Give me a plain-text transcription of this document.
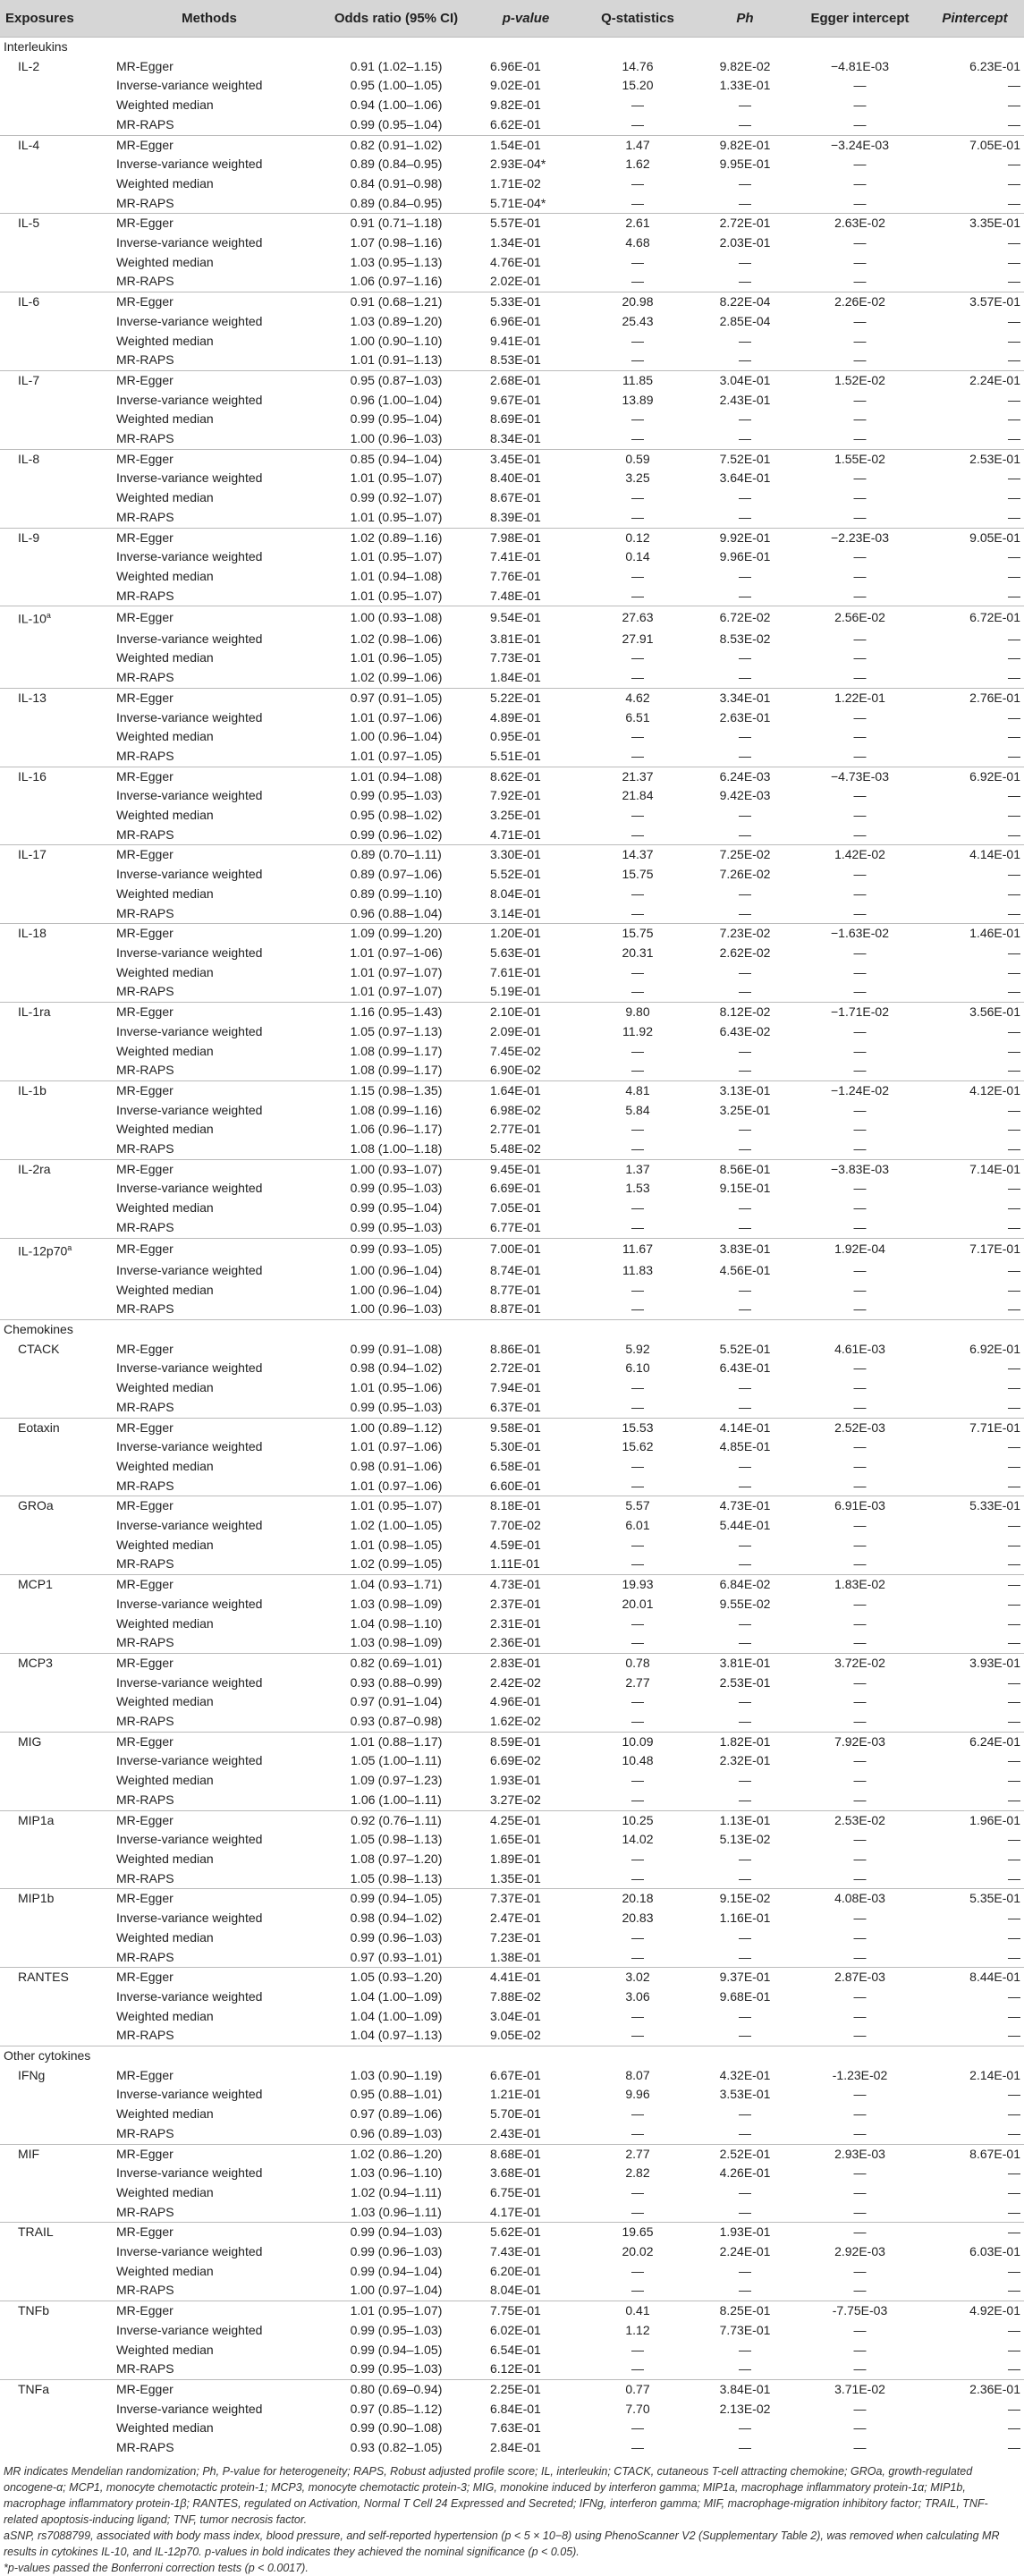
Exposures	Methods	Odds ratio (95% CI)	p-value	Q-statistics	Ph	Egger intercept	Pintercept
Interleukins							
IL-2	MR-Egger	0.91 (1.02–1.15)	6.96E-01	14.76	9.82E-02	−4.81E-03	6.23E-01
	Inverse-variance weighted	0.95 (1.00–1.05)	9.02E-01	15.20	1.33E-01	—	—
	Weighted median	0.94 (1.00–1.06)	9.82E-01	—	—	—	—
	MR-RAPS	0.99 (0.95–1.04)	6.62E-01	—	—	—	—
IL-4	MR-Egger	0.82 (0.91–1.02)	1.54E-01	1.47	9.82E-01	−3.24E-03	7.05E-01
	Inverse-variance weighted	0.89 (0.84–0.95)	2.93E-04*	1.62	9.95E-01	—	—
	Weighted median	0.84 (0.91–0.98)	1.71E-02	—	—	—	—
	MR-RAPS	0.89 (0.84–0.95)	5.71E-04*	—	—	—	—
IL-5	MR-Egger	0.91 (0.71–1.18)	5.57E-01	2.61	2.72E-01	2.63E-02	3.35E-01
	Inverse-variance weighted	1.07 (0.98–1.16)	1.34E-01	4.68	2.03E-01	—	—
	Weighted median	1.03 (0.95–1.13)	4.76E-01	—	—	—	—
	MR-RAPS	1.06 (0.97–1.16)	2.02E-01	—	—	—	—
IL-6	MR-Egger	0.91 (0.68–1.21)	5.33E-01	20.98	8.22E-04	2.26E-02	3.57E-01
	Inverse-variance weighted	1.03 (0.89–1.20)	6.96E-01	25.43	2.85E-04	—	—
	Weighted median	1.00 (0.90–1.10)	9.41E-01	—	—	—	—
	MR-RAPS	1.01 (0.91–1.13)	8.53E-01	—	—	—	—
IL-7	MR-Egger	0.95 (0.87–1.03)	2.68E-01	11.85	3.04E-01	1.52E-02	2.24E-01
	Inverse-variance weighted	0.96 (1.00–1.04)	9.67E-01	13.89	2.43E-01	—	—
	Weighted median	0.99 (0.95–1.04)	8.69E-01	—	—	—	—
	MR-RAPS	1.00 (0.96–1.03)	8.34E-01	—	—	—	—
IL-8	MR-Egger	0.85 (0.94–1.04)	3.45E-01	0.59	7.52E-01	1.55E-02	2.53E-01
	Inverse-variance weighted	1.01 (0.95–1.07)	8.40E-01	3.25	3.64E-01	—	—
	Weighted median	0.99 (0.92–1.07)	8.67E-01	—	—	—	—
	MR-RAPS	1.01 (0.95–1.07)	8.39E-01	—	—	—	—
IL-9	MR-Egger	1.02 (0.89–1.16)	7.98E-01	0.12	9.92E-01	−2.23E-03	9.05E-01
	Inverse-variance weighted	1.01 (0.95–1.07)	7.41E-01	0.14	9.96E-01	—	—
	Weighted median	1.01 (0.94–1.08)	7.76E-01	—	—	—	—
	MR-RAPS	1.01 (0.95–1.07)	7.48E-01	—	—	—	—
IL-10$^a$	MR-Egger	1.00 (0.93–1.08)	9.54E-01	27.63	6.72E-02	2.56E-02	6.72E-01
	Inverse-variance weighted	1.02 (0.98–1.06)	3.81E-01	27.91	8.53E-02	—	—
	Weighted median	1.01 (0.96–1.05)	7.73E-01	—	—	—	—
	MR-RAPS	1.02 (0.99–1.06)	1.84E-01	—	—	—	—
IL-13	MR-Egger	0.97 (0.91–1.05)	5.22E-01	4.62	3.34E-01	1.22E-01	2.76E-01
	Inverse-variance weighted	1.01 (0.97–1.06)	4.89E-01	6.51	2.63E-01	—	—
	Weighted median	1.00 (0.96–1.04)	0.95E-01	—	—	—	—
	MR-RAPS	1.01 (0.97–1.05)	5.51E-01	—	—	—	—
IL-16	MR-Egger	1.01 (0.94–1.08)	8.62E-01	21.37	6.24E-03	−4.73E-03	6.92E-01
	Inverse-variance weighted	0.99 (0.95–1.03)	7.92E-01	21.84	9.42E-03	—	—
	Weighted median	0.95 (0.98–1.02)	3.25E-01	—	—	—	—
	MR-RAPS	0.99 (0.96–1.02)	4.71E-01	—	—	—	—
IL-17	MR-Egger	0.89 (0.70–1.11)	3.30E-01	14.37	7.25E-02	1.42E-02	4.14E-01
	Inverse-variance weighted	0.89 (0.97–1.06)	5.52E-01	15.75	7.26E-02	—	—
	Weighted median	0.89 (0.99–1.10)	8.04E-01	—	—	—	—
	MR-RAPS	0.96 (0.88–1.04)	3.14E-01	—	—	—	—
IL-18	MR-Egger	1.09 (0.99–1.20)	1.20E-01	15.75	7.23E-02	−1.63E-02	1.46E-01
	Inverse-variance weighted	1.01 (0.97–1-06)	5.63E-01	20.31	2.62E-02	—	—
	Weighted median	1.01 (0.97–1.07)	7.61E-01	—	—	—	—
	MR-RAPS	1.01 (0.97–1.07)	5.19E-01	—	—	—	—
IL-1ra	MR-Egger	1.16 (0.95–1.43)	2.10E-01	9.80	8.12E-02	−1.71E-02	3.56E-01
	Inverse-variance weighted	1.05 (0.97–1.13)	2.09E-01	11.92	6.43E-02	—	—
	Weighted median	1.08 (0.99–1.17)	7.45E-02	—	—	—	—
	MR-RAPS	1.08 (0.99–1.17)	6.90E-02	—	—	—	—
IL-1b	MR-Egger	1.15 (0.98–1.35)	1.64E-01	4.81	3.13E-01	−1.24E-02	4.12E-01
	Inverse-variance weighted	1.08 (0.99–1.16)	6.98E-02	5.84	3.25E-01	—	—
	Weighted median	1.06 (0.96–1.17)	2.77E-01	—	—	—	—
	MR-RAPS	1.08 (1.00–1.18)	5.48E-02	—	—	—	—
IL-2ra	MR-Egger	1.00 (0.93–1.07)	9.45E-01	1.37	8.56E-01	−3.83E-03	7.14E-01
	Inverse-variance weighted	0.99 (0.95–1.03)	6.69E-01	1.53	9.15E-01	—	—
	Weighted median	0.99 (0.95–1.04)	7.05E-01	—	—	—	—
	MR-RAPS	0.99 (0.95–1.03)	6.77E-01	—	—	—	—
IL-12p70$^a$	MR-Egger	0.99 (0.93–1.05)	7.00E-01	11.67	3.83E-01	1.92E-04	7.17E-01
	Inverse-variance weighted	1.00 (0.96–1.04)	8.74E-01	11.83	4.56E-01	—	—
	Weighted median	1.00 (0.96–1.04)	8.77E-01	—	—	—	—
	MR-RAPS	1.00 (0.96–1.03)	8.87E-01	—	—	—	—
Chemokines							
CTACK	MR-Egger	0.99 (0.91–1.08)	8.86E-01	5.92	5.52E-01	4.61E-03	6.92E-01
	Inverse-variance weighted	0.98 (0.94–1.02)	2.72E-01	6.10	6.43E-01	—	—
	Weighted median	1.01 (0.95–1.06)	7.94E-01	—	—	—	—
	MR-RAPS	0.99 (0.95–1.03)	6.37E-01	—	—	—	—
Eotaxin	MR-Egger	1.00 (0.89–1.12)	9.58E-01	15.53	4.14E-01	2.52E-03	7.71E-01
	Inverse-variance weighted	1.01 (0.97–1.06)	5.30E-01	15.62	4.85E-01	—	—
	Weighted median	0.98 (0.91–1.06)	6.58E-01	—	—	—	—
	MR-RAPS	1.01 (0.97–1.06)	6.60E-01	—	—	—	—
GROa	MR-Egger	1.01 (0.95–1.07)	8.18E-01	5.57	4.73E-01	6.91E-03	5.33E-01
	Inverse-variance weighted	1.02 (1.00–1.05)	7.70E-02	6.01	5.44E-01	—	—
	Weighted median	1.01 (0.98–1.05)	4.59E-01	—	—	—	—
	MR-RAPS	1.02 (0.99–1.05)	1.11E-01	—	—	—	—
MCP1	MR-Egger	1.04 (0.93–1.71)	4.73E-01	19.93	6.84E-02	1.83E-02	—
	Inverse-variance weighted	1.03 (0.98–1.09)	2.37E-01	20.01	9.55E-02	—	—
	Weighted median	1.04 (0.98–1.10)	2.31E-01	—	—	—	—
	MR-RAPS	1.03 (0.98–1.09)	2.36E-01	—	—	—	—
MCP3	MR-Egger	0.82 (0.69–1.01)	2.83E-01	0.78	3.81E-01	3.72E-02	3.93E-01
	Inverse-variance weighted	0.93 (0.88–0.99)	2.42E-02	2.77	2.53E-01	—	—
	Weighted median	0.97 (0.91–1.04)	4.96E-01	—	—	—	—
	MR-RAPS	0.93 (0.87–0.98)	1.62E-02	—	—	—	—
MIG	MR-Egger	1.01 (0.88–1.17)	8.59E-01	10.09	1.82E-01	7.92E-03	6.24E-01
	Inverse-variance weighted	1.05 (1.00–1.11)	6.69E-02	10.48	2.32E-01	—	—
	Weighted median	1.09 (0.97–1.23)	1.93E-01	—	—	—	—
	MR-RAPS	1.06 (1.00–1.11)	3.27E-02	—	—	—	—
MIP1a	MR-Egger	0.92 (0.76–1.11)	4.25E-01	10.25	1.13E-01	2.53E-02	1.96E-01
	Inverse-variance weighted	1.05 (0.98–1.13)	1.65E-01	14.02	5.13E-02	—	—
	Weighted median	1.08 (0.97–1.20)	1.89E-01	—	—	—	—
	MR-RAPS	1.05 (0.98–1.13)	1.35E-01	—	—	—	—
MIP1b	MR-Egger	0.99 (0.94–1.05)	7.37E-01	20.18	9.15E-02	4.08E-03	5.35E-01
	Inverse-variance weighted	0.98 (0.94–1.02)	2.47E-01	20.83	1.16E-01	—	—
	Weighted median	0.99 (0.96–1.03)	7.23E-01	—	—	—	—
	MR-RAPS	0.97 (0.93–1.01)	1.38E-01	—	—	—	—
RANTES	MR-Egger	1.05 (0.93–1.20)	4.41E-01	3.02	9.37E-01	2.87E-03	8.44E-01
	Inverse-variance weighted	1.04 (1.00–1.09)	7.88E-02	3.06	9.68E-01	—	—
	Weighted median	1.04 (1.00–1.09)	3.04E-01	—	—	—	—
	MR-RAPS	1.04 (0.97–1.13)	9.05E-02	—	—	—	—
Other cytokines							
IFNg	MR-Egger	1.03 (0.90–1.19)	6.67E-01	8.07	4.32E-01	-1.23E-02	2.14E-01
	Inverse-variance weighted	0.95 (0.88–1.01)	1.21E-01	9.96	3.53E-01	—	—
	Weighted median	0.97 (0.89–1.06)	5.70E-01	—	—	—	—
	MR-RAPS	0.96 (0.89–1.03)	2.43E-01	—	—	—	—
MIF	MR-Egger	1.02 (0.86–1.20)	8.68E-01	2.77	2.52E-01	2.93E-03	8.67E-01
	Inverse-variance weighted	1.03 (0.96–1.10)	3.68E-01	2.82	4.26E-01	—	—
	Weighted median	1.02 (0.94–1.11)	6.75E-01	—	—	—	—
	MR-RAPS	1.03 (0.96–1.11)	4.17E-01	—	—	—	—
TRAIL	MR-Egger	0.99 (0.94–1.03)	5.62E-01	19.65	1.93E-01	—	—
	Inverse-variance weighted	0.99 (0.96–1.03)	7.43E-01	20.02	2.24E-01	2.92E-03	6.03E-01
	Weighted median	0.99 (0.94–1.04)	6.20E-01	—	—	—	—
	MR-RAPS	1.00 (0.97–1.04)	8.04E-01	—	—	—	—
TNFb	MR-Egger	1.01 (0.95–1.07)	7.75E-01	0.41	8.25E-01	-7.75E-03	4.92E-01
	Inverse-variance weighted	0.99 (0.95–1.03)	6.02E-01	1.12	7.73E-01	—	—
	Weighted median	0.99 (0.94–1.05)	6.54E-01	—	—	—	—
	MR-RAPS	0.99 (0.95–1.03)	6.12E-01	—	—	—	—
TNFa	MR-Egger	0.80 (0.69–0.94)	2.25E-01	0.77	3.84E-01	3.71E-02	2.36E-01
	Inverse-variance weighted	0.97 (0.85–1.12)	6.84E-01	7.70	2.13E-02	—	—
	Weighted median	0.99 (0.90–1.08)	7.63E-01	—	—	—	—
	MR-RAPS	0.93 (0.82–1.05)	2.84E-01	—	—	—	—

MR indicates Mendelian randomization; Ph, P-value for heterogeneity; RAPS, Robust adjusted profile score; IL, interleukin; CTACK, cutaneous T-cell attracting chemokine; GROa, growth-regulated oncogene-α; MCP1, monocyte chemotactic protein-1; MCP3, monocyte chemotactic protein-3; MIG, monokine induced by interferon gamma; MIP1a, macrophage inflammatory protein-1α; MIP1b, macrophage inflammatory protein-1β; RANTES, regulated on Activation, Normal T Cell 24 Expressed and Secreted; IFNg, interferon gamma; MIF, macrophage-migration inhibitory factor; TRAIL, TNF-related apoptosis-inducing ligand; TNF, tumor necrosis factor.

aSNP, rs7088799, associated with body mass index, blood pressure, and self-reported hypertension (p < 5 × 10−8) using PhenoScanner V2 (Supplementary Table 2), was removed when calculating MR results in cytokines IL-10, and IL-12p70. p-values in bold indicates they achieved the nominal significance (p < 0.05).

*p-values passed the Bonferroni correction tests (p < 0.0017).
